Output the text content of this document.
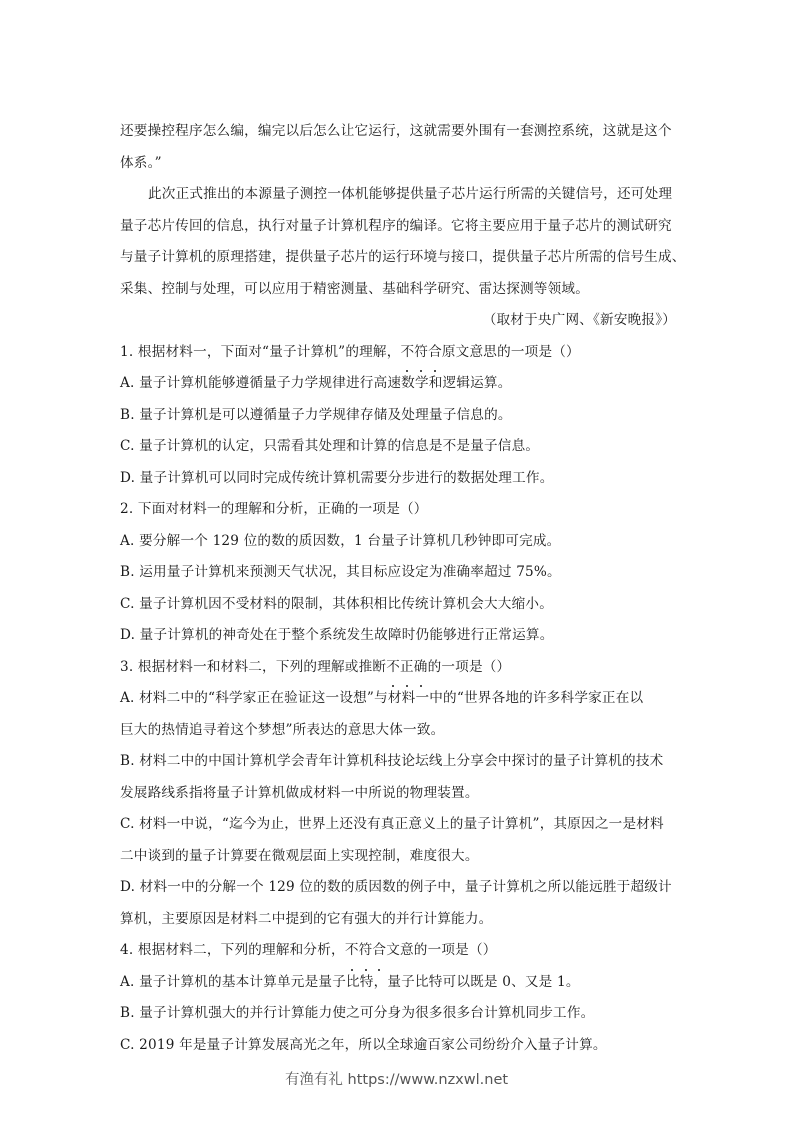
还要操控程序怎么编，编完以后怎么让它运行，这就需要外围有一套测控系统，这就是这个
体系。”
此次正式推出的本源量子测控一体机能够提供量子芯片运行所需的关键信号，还可处理
量子芯片传回的信息，执行对量子计算机程序的编译。它将主要应用于量子芯片的测试研究
与量子计算机的原理搭建，提供量子芯片的运行环境与接口，提供量子芯片所需的信号生成、
采集、控制与处理，可以应用于精密测量、基础科学研究、雷达探测等领域。
（取材于央广网、《新安晚报》）
1. 根据材料一，下面对“量子计算机”的理解，不符合原文意思的一项是（）
A. 量子计算机能够遵循量子力学规律进行高速数学和逻辑运算。
B. 量子计算机是可以遵循量子力学规律存储及处理量子信息的。
C. 量子计算机的认定，只需看其处理和计算的信息是不是量子信息。
D. 量子计算机可以同时完成传统计算机需要分步进行的数据处理工作。
2. 下面对材料一的理解和分析，正确的一项是（）
A. 要分解一个 129 位的数的质因数，1 台量子计算机几秒钟即可完成。
B. 运用量子计算机来预测天气状况，其目标应设定为准确率超过 75%。
C. 量子计算机因不受材料的限制，其体积相比传统计算机会大大缩小。
D. 量子计算机的神奇处在于整个系统发生故障时仍能够进行正常运算。
3. 根据材料一和材料二，下列的理解或推断不正确的一项是（）
A. 材料二中的“科学家正在验证这一设想”与材料一中的“世界各地的许多科学家正在以
巨大的热情追寻着这个梦想”所表达的意思大体一致。
B. 材料二中的中国计算机学会青年计算机科技论坛线上分享会中探讨的量子计算机的技术
发展路线系指将量子计算机做成材料一中所说的物理装置。
C. 材料一中说，“迄今为止，世界上还没有真正意义上的量子计算机”，其原因之一是材料
二中谈到的量子计算要在微观层面上实现控制，难度很大。
D. 材料一中的分解一个 129 位的数的质因数的例子中，量子计算机之所以能远胜于超级计
算机，主要原因是材料二中提到的它有强大的并行计算能力。
4. 根据材料二，下列的理解和分析，不符合文意的一项是（）
A. 量子计算机的基本计算单元是量子比特，量子比特可以既是 0、又是 1。
B. 量子计算机强大的并行计算能力使之可分身为很多很多台计算机同步工作。
C. 2019 年是量子计算发展高光之年，所以全球逾百家公司纷纷介入量子计算。
有渔有礼 https://www.nzxwl.net
